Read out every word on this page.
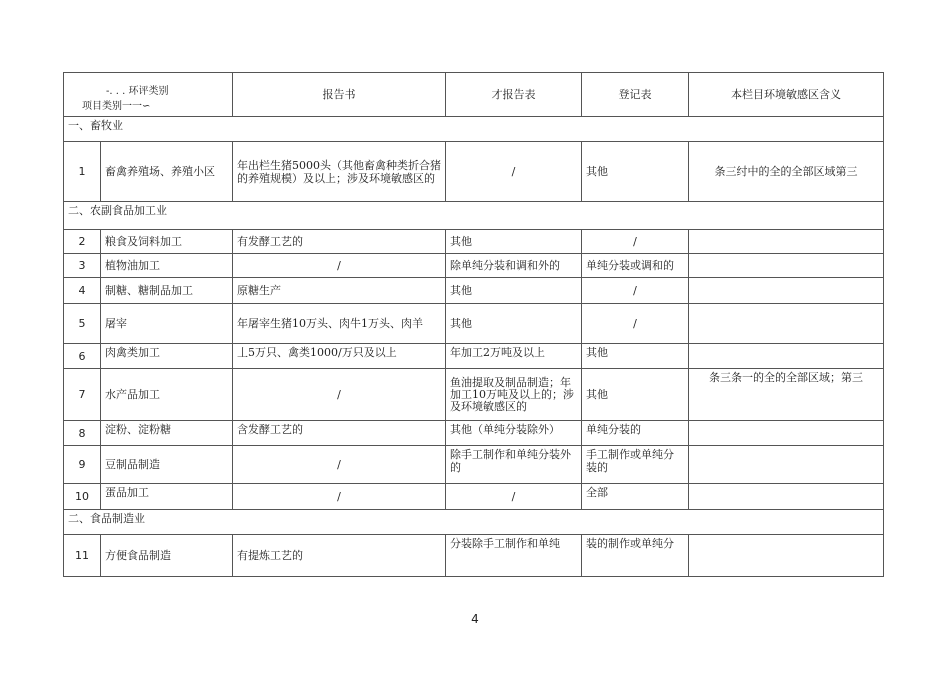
-. . . 环评类别
项目类别一一∽		报告书	才报告表	登记表	本栏目环境敏感区含义
一、畜牧业					
1	畜禽养殖场、养殖小区	年出栏生猪5000头（其他畜禽种类折合猪的养殖规模）及以上；涉及环境敏感区的	/	其他	条三纣中的全的全部区域第三
二、农副食品加工业					
2	粮食及饲料加工	有发酵工艺的	其他	/	
3	植物油加工	/	除单纯分装和调和外的	单纯分装或调和的	
4	制糖、糖制品加工	原糖生产	其他	/	
5	屠宰	年屠宰生猪10万头、肉牛1万头、肉羊	其他	/	
6	肉禽类加工	丄5万只、禽类1000/万只及以上	年加工2万吨及以上	其他	
7	水产品加工	/	鱼油提取及制品制造；年加工10万吨及以上的；涉及环境敏感区的	其他	条三条一的全的全部区域；第三
8	淀粉、淀粉糖	含发酵工艺的	其他（单纯分装除外）	单纯分装的	
9	豆制品制造	/	除手工制作和单纯分装外的	手工制作或单纯分装的	
10	蛋品加工	/	/	全部	
二、食品制造业					
11	方便食品制造	有提炼工艺的	分装除手工制作和单纯	装的制作或单纯分	
4
